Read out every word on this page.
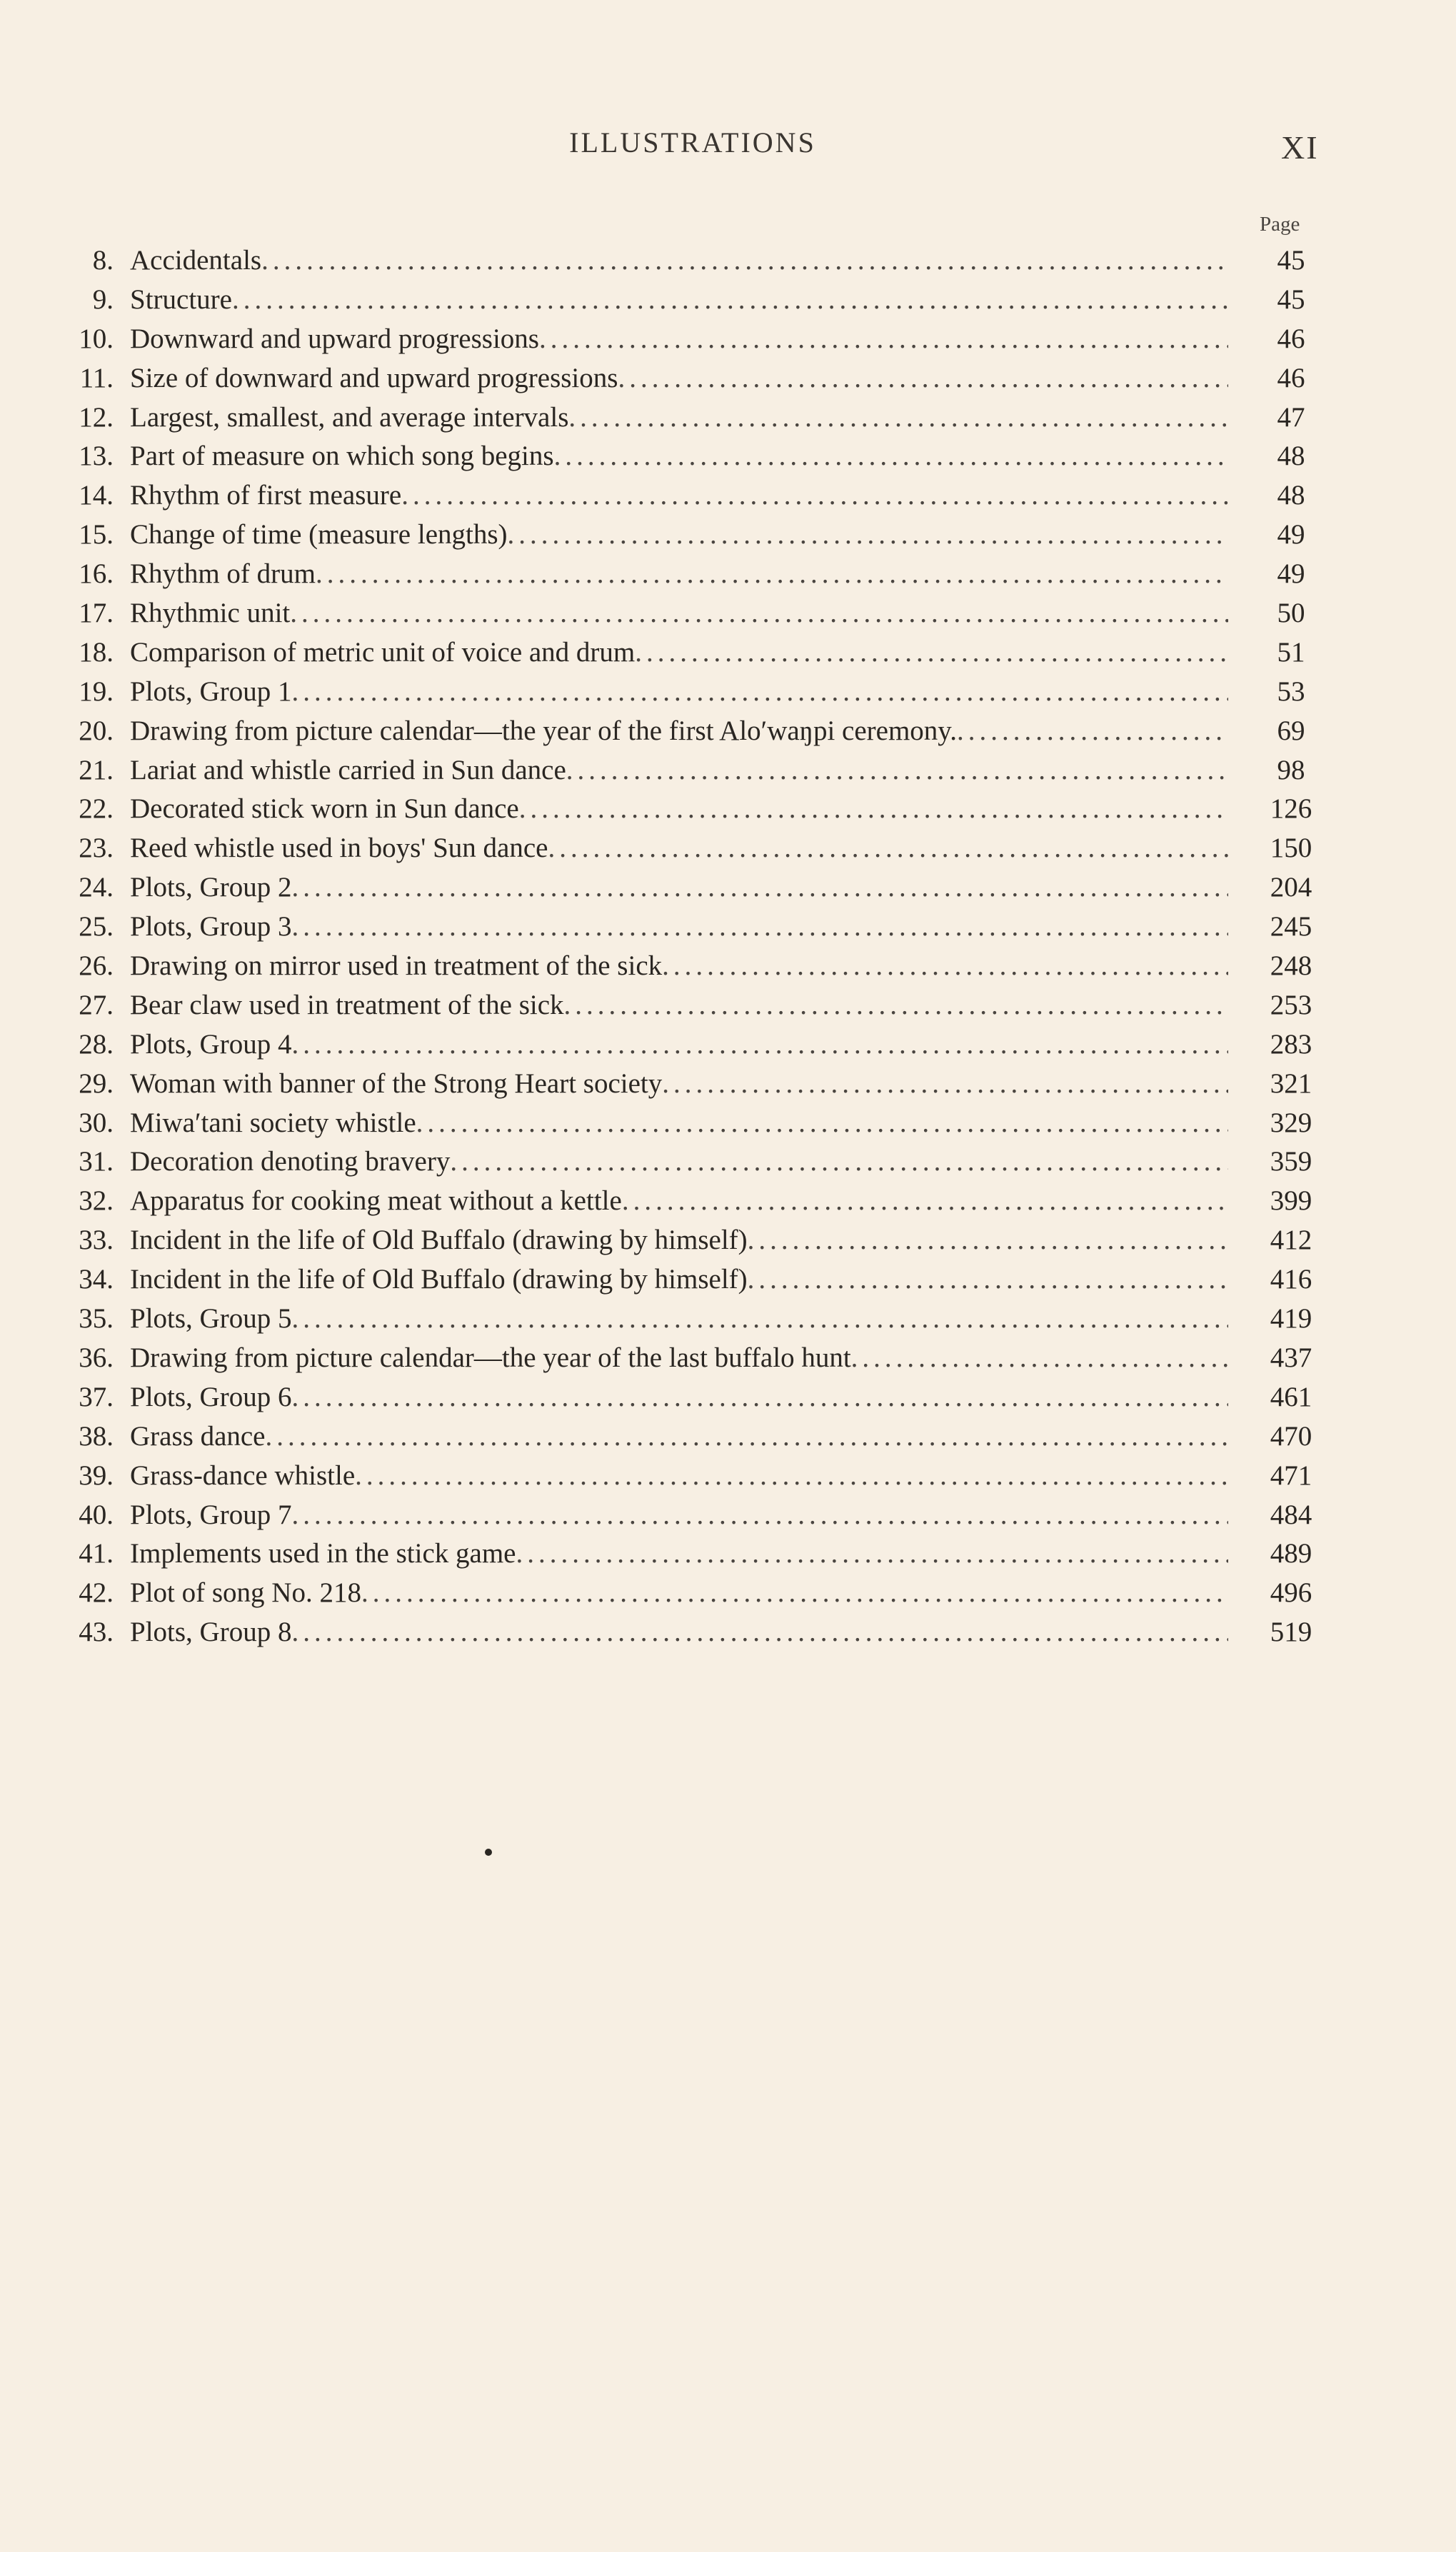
ILLUSTRATIONS	XI
Page
8. Accidentals .....	45
9. Structure .....	45
10. Downward and upward progressions .....	46
11. Size of downward and upward progressions .....	46
12. Largest, smallest, and average intervals .....	47
13. Part of measure on which song begins .....	48
14. Rhythm of first measure .....	48
15. Change of time (measure lengths) .....	49
16. Rhythm of drum .....	49
17. Rhythmic unit .....	50
18. Comparison of metric unit of voice and drum .....	51
19. Plots, Group 1 .....	53
20. Drawing from picture calendar—the year of the first Alo′waŋpi ceremony. .....	69
21. Lariat and whistle carried in Sun dance .....	98
22. Decorated stick worn in Sun dance .....	126
23. Reed whistle used in boys' Sun dance .....	150
24. Plots, Group 2 .....	204
25. Plots, Group 3 .....	245
26. Drawing on mirror used in treatment of the sick .....	248
27. Bear claw used in treatment of the sick .....	253
28. Plots, Group 4 .....	283
29. Woman with banner of the Strong Heart society .....	321
30. Miwa′tani society whistle .....	329
31. Decoration denoting bravery .....	359
32. Apparatus for cooking meat without a kettle .....	399
33. Incident in the life of Old Buffalo (drawing by himself) .....	412
34. Incident in the life of Old Buffalo (drawing by himself) .....	416
35. Plots, Group 5 .....	419
36. Drawing from picture calendar—the year of the last buffalo hunt .....	437
37. Plots, Group 6 .....	461
38. Grass dance .....	470
39. Grass-dance whistle .....	471
40. Plots, Group 7 .....	484
41. Implements used in the stick game .....	489
42. Plot of song No. 218 .....	496
43. Plots, Group 8 .....	519
